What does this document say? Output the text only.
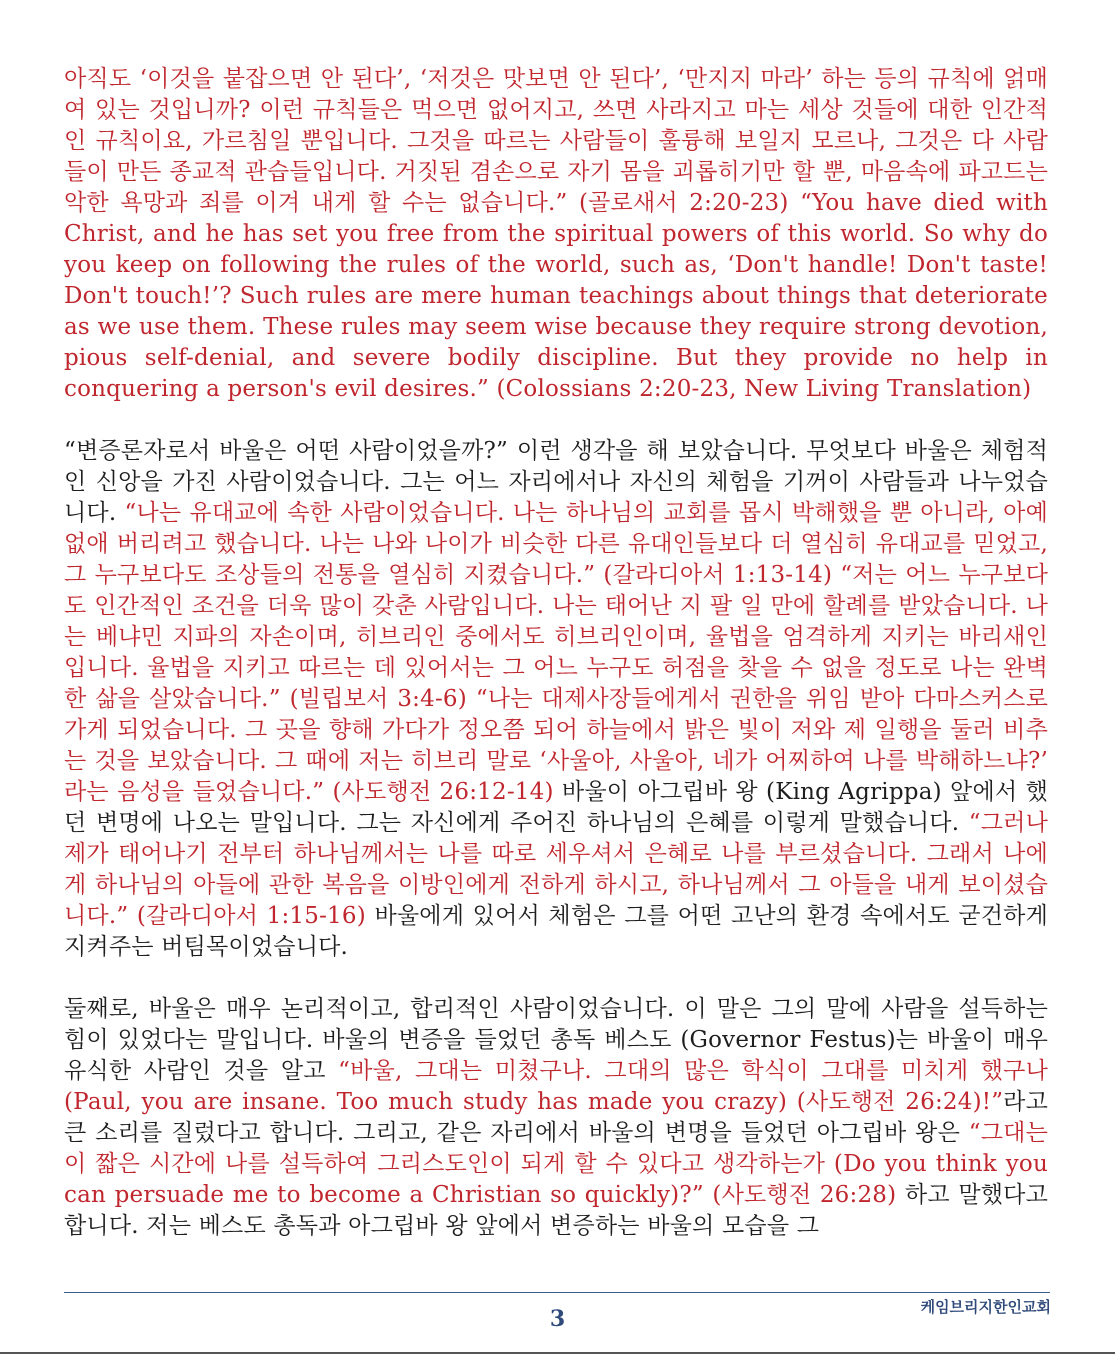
아직도 ‘이것을 붙잡으면 안 된다’, ‘저것은 맛보면 안 된다’, ‘만지지 마라’ 하는 등의 규칙에 얽매여 있는 것입니까? 이런 규칙들은 먹으면 없어지고, 쓰면 사라지고 마는 세상 것들에 대한 인간적인 규칙이요, 가르침일 뿐입니다. 그것을 따르는 사람들이 훌륭해 보일지 모르나, 그것은 다 사람들이 만든 종교적 관습들입니다. 거짓된 겸손으로 자기 몸을 괴롭히기만 할 뿐, 마음속에 파고드는 악한 욕망과 죄를 이겨 내게 할 수는 없습니다.” (골로새서 2:20-23) “You have died with Christ, and he has set you free from the spiritual powers of this world. So why do you keep on following the rules of the world, such as, ‘Don't handle! Don't taste! Don't touch!’? Such rules are mere human teachings about things that deteriorate as we use them. These rules may seem wise because they require strong devotion, pious self-denial, and severe bodily discipline. But they provide no help in conquering a person's evil desires.” (Colossians 2:20-23, New Living Translation)

“변증론자로서 바울은 어떤 사람이었을까?” 이런 생각을 해 보았습니다. 무엇보다 바울은 체험적인 신앙을 가진 사람이었습니다. 그는 어느 자리에서나 자신의 체험을 기꺼이 사람들과 나누었습니다. “나는 유대교에 속한 사람이었습니다. 나는 하나님의 교회를 몹시 박해했을 뿐 아니라, 아예 없애 버리려고 했습니다. 나는 나와 나이가 비슷한 다른 유대인들보다 더 열심히 유대교를 믿었고, 그 누구보다도 조상들의 전통을 열심히 지켰습니다.” (갈라디아서 1:13-14) “저는 어느 누구보다도 인간적인 조건을 더욱 많이 갖춘 사람입니다. 나는 태어난 지 팔 일 만에 할례를 받았습니다. 나는 베냐민 지파의 자손이며, 히브리인 중에서도 히브리인이며, 율법을 엄격하게 지키는 바리새인입니다. 율법을 지키고 따르는 데 있어서는 그 어느 누구도 허점을 찾을 수 없을 정도로 나는 완벽한 삶을 살았습니다.” (빌립보서 3:4-6) “나는 대제사장들에게서 권한을 위임 받아 다마스커스로 가게 되었습니다. 그 곳을 향해 가다가 정오쯤 되어 하늘에서 밝은 빛이 저와 제 일행을 둘러 비추는 것을 보았습니다. 그 때에 저는 히브리 말로 ‘사울아, 사울아, 네가 어찌하여 나를 박해하느냐?’ 라는 음성을 들었습니다.” (사도행전 26:12-14) 바울이 아그립바 왕 (King Agrippa) 앞에서 했던 변명에 나오는 말입니다. 그는 자신에게 주어진 하나님의 은혜를 이렇게 말했습니다. “그러나 제가 태어나기 전부터 하나님께서는 나를 따로 세우셔서 은혜로 나를 부르셨습니다. 그래서 나에게 하나님의 아들에 관한 복음을 이방인에게 전하게 하시고, 하나님께서 그 아들을 내게 보이셨습니다.” (갈라디아서 1:15-16) 바울에게 있어서 체험은 그를 어떤 고난의 환경 속에서도 굳건하게 지켜주는 버팀목이었습니다.

둘째로, 바울은 매우 논리적이고, 합리적인 사람이었습니다. 이 말은 그의 말에 사람을 설득하는 힘이 있었다는 말입니다. 바울의 변증을 들었던 총독 베스도 (Governor Festus)는 바울이 매우 유식한 사람인 것을 알고 “바울, 그대는 미쳤구나. 그대의 많은 학식이 그대를 미치게 했구나 (Paul, you are insane. Too much study has made you crazy) (사도행전 26:24)!”라고 큰 소리를 질렀다고 합니다. 그리고, 같은 자리에서 바울의 변명을 들었던 아그립바 왕은 “그대는 이 짧은 시간에 나를 설득하여 그리스도인이 되게 할 수 있다고 생각하는가 (Do you think you can persuade me to become a Christian so quickly)?” (사도행전 26:28) 하고 말했다고 합니다. 저는 베스도 총독과 아그립바 왕 앞에서 변증하는 바울의 모습을 그

케임브리지한인교회
3
